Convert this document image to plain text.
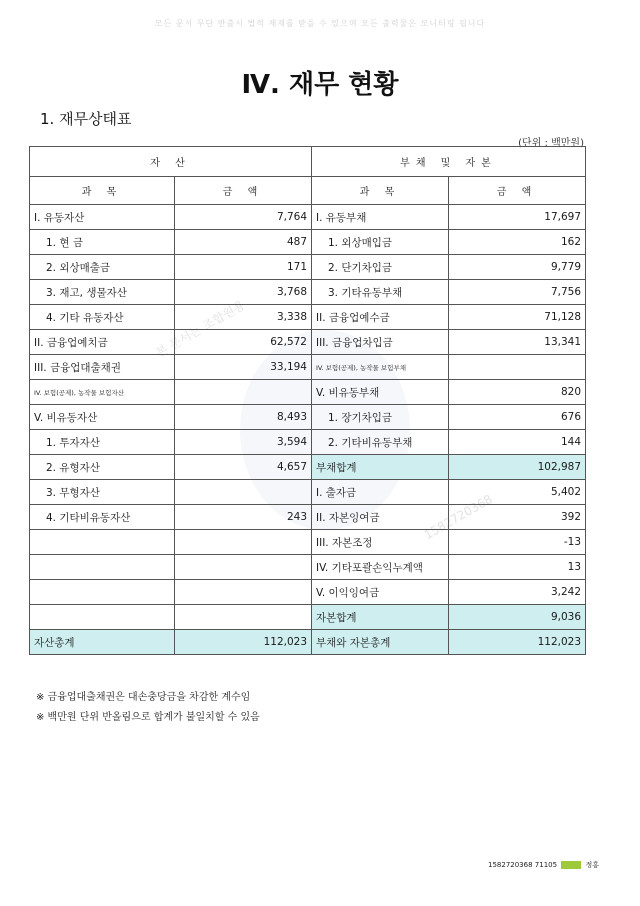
본 문서는 조합원용
1582720368
모든 문서 무단 반출시 법적 제재를 받을 수 있으며 모든 출력물은 모니터링 됩니다
Ⅳ. 재무 현황
1. 재무상태표
(단위 : 백만원)
자 산		부채 및 자본	
과 목	금 액	과 목	금 액
I. 유동자산	7,764	I. 유동부채	17,697
1. 현 금	487	1. 외상매입금	162
2. 외상매출금	171	2. 단기차입금	9,779
3. 재고, 생물자산	3,768	3. 기타유동부채	7,756
4. 기타 유동자산	3,338	II. 금융업예수금	71,128
II. 금융업예치금	62,572	III. 금융업차입금	13,341
III. 금융업대출채권	33,194	IV. 보험(공제), 농작물 보험부채	
IV. 보험(공제), 농작물 보험자산		V. 비유동부채	820
V. 비유동자산	8,493	1. 장기차입금	676
1. 투자자산	3,594	2. 기타비유동부채	144
2. 유형자산	4,657	부채합계	102,987
3. 무형자산		I. 출자금	5,402
4. 기타비유동자산	243	II. 자본잉여금	392
		III. 자본조정	-13
		IV. 기타포괄손익누계액	13
		V. 이익잉여금	3,242
		자본합계	9,036
자산총계	112,023	부채와 자본총계	112,023
※ 금융업대출채권은 대손충당금을 차감한 계수임
※ 백만원 단위 반올림으로 합계가 불일치할 수 있음
1582720368 71105	정홍
